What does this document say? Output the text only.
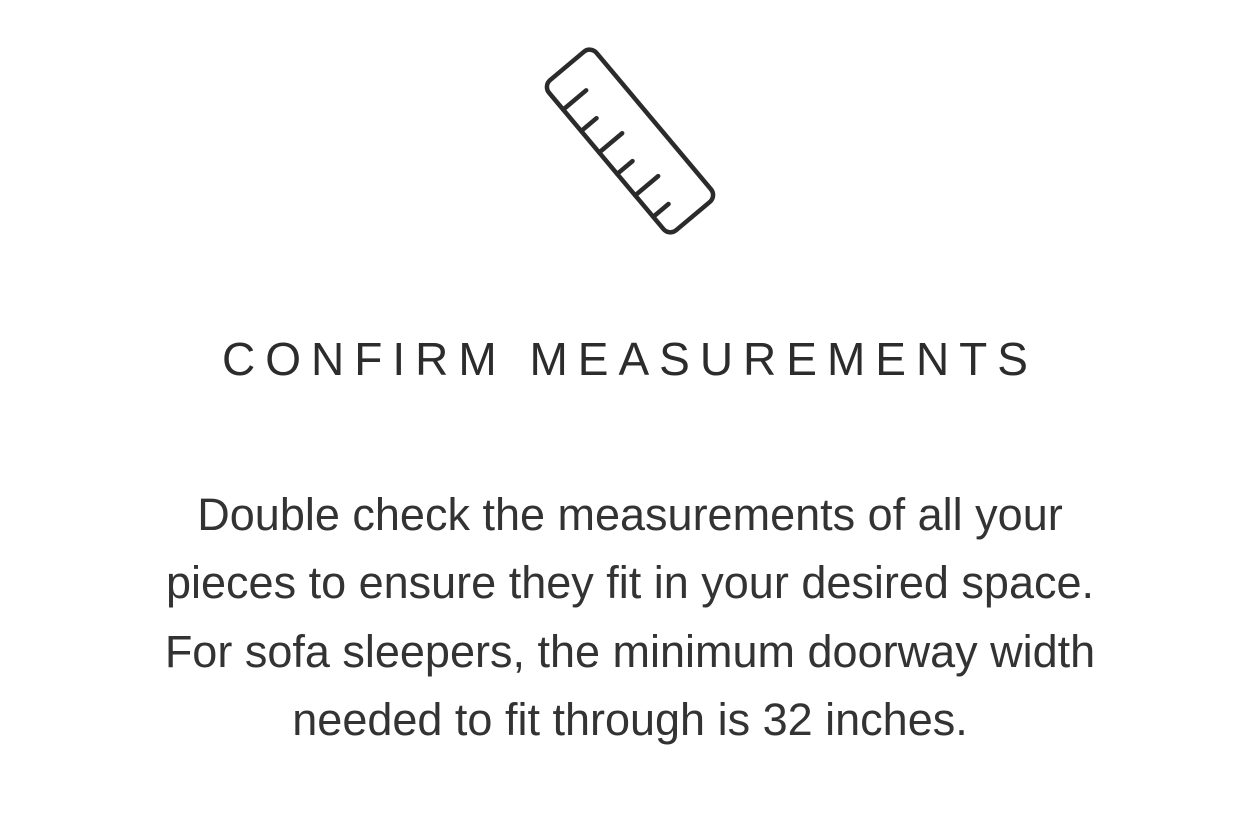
CONFIRM MEASUREMENTS

Double check the measurements of all your pieces to ensure they fit in your desired space. For sofa sleepers, the minimum doorway width needed to fit through is 32 inches.
